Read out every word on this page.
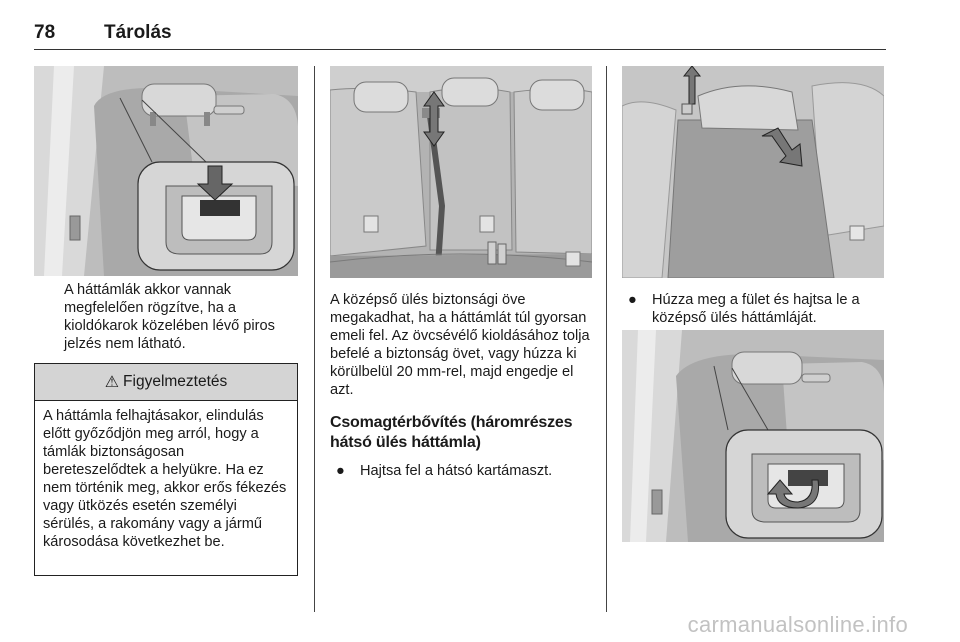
78	Tárolás
A háttámlák akkor vannak megfelelően rögzítve, ha a kioldókarok közelében lévő piros jelzés nem látható.
⚠ Figyelmeztetés
A háttámla felhajtásakor, elindulás előtt győződjön meg arról, hogy a támlák biztonságosan bereteszelődtek a helyükre. Ha ez nem történik meg, akkor erős fékezés vagy ütközés esetén személyi sérülés, a rakomány vagy a jármű károsodása következhet be.
A középső ülés biztonsági öve megakadhat, ha a háttámlát túl gyorsan emeli fel. Az övcsévélő kioldásához tolja befelé a biztonság övet, vagy húzza ki körülbelül 20 mm-rel, majd engedje el azt.
Csomagtérbővítés (háromrészes hátsó ülés háttámla)
● Hajtsa fel a hátsó kartámaszt.
● Húzza meg a fület és hajtsa le a középső ülés háttámláját.
carmanualsonline.info
